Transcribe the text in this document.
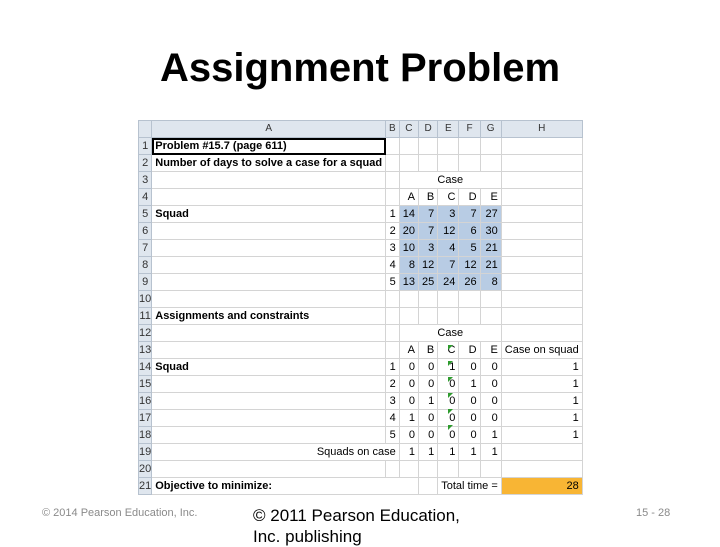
Assignment Problem
	A	B	C	D	E	F	G	H
1	Problem #15.7 (page 611)							
2	Number of days to solve a case for a squad							
3			Case					
4			A	B	C	D	E	
5	Squad	1	14	7	3	7	27	
6		2	20	7	12	6	30	
7		3	10	3	4	5	21	
8		4	8	12	7	12	21	
9		5	13	25	24	26	8	
10								
11	Assignments and constraints							
12			Case					
13			A	B	C	D	E	Case on squad
14	Squad	1	0	0	1	0	0	1
15		2	0	0	0	1	0	1
16		3	0	1	0	0	0	1
17		4	1	0	0	0	0	1
18		5	0	0	0	0	1	1
19	Squads on case		1	1	1	1	1	
20								
21	Objective to minimize:				Total time =			28
© 2014 Pearson Education, Inc.	© 2011 Pearson Education, Inc. publishing
15 - 28
